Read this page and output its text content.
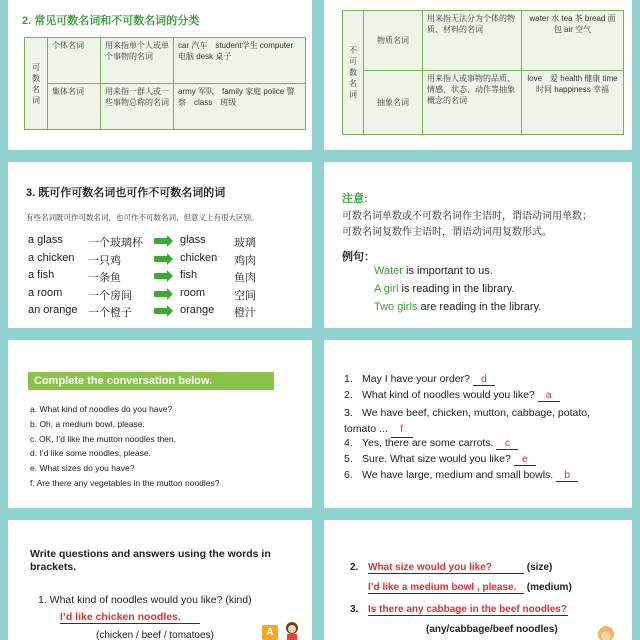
2. 常见可数名词和不可数名词的分类
可数名词	个体名词	用来指单个人或单个事物的名词	car 汽车　student学生 computer 电脑 desk 桌子
	集体名词	用来指一群人或一些事物总称的名词	army 军队　family 家庭 police 警察　class　班级
不可数名词	物质名词	用来指无法分为个体的物质、材料的名词	water 水 tea 茶 bread 面包 air 空气
	抽象名词	用来指人或事物的品质、情感、状态、动作等抽象概念的名词	love　爱 health 健康 time　时间 happiness 幸福
3. 既可作可数名词也可作不可数名词的词
有些名词既可作可数名词，也可作不可数名词，但意义上有很大区别。
a glass 一个玻璃杯	glass	玻璃
a chicken 一只鸡	chicken 鸡肉
a fish	一条鱼	fish	鱼肉
a room 一个房间	room	空间
an orange 一个橙子	orange 橙汁
注意:
可数名词单数或不可数名词作主语时，谓语动词用单数；
可数名词复数作主语时，谓语动词用复数形式。
例句：
Water is important to us.
A girl is reading in the library.
Two girls are reading in the library.
Complete the conversation below.
a. What kind of noodles do you have?
b. Oh, a medium bowl, please.
c. OK, I’d like the mutton noodles then.
d. I’d like some noodles, please.
e. What sizes do you have?
f. Are there any vegetables in the mutton noodles?
1. May I have your order? d
2. What kind of noodles would you like? a
3. We have beef, chicken, mutton, cabbage, potato, tomato ... f
4. Yes, there are some carrots. c
5. Sure. What size would you like? e
6. We have large, medium and small bowls. b
Write questions and answers using the words in brackets.
1. What kind of noodles would you like? (kind)
I’d like chicken noodles.
(chicken / beef / tomatoes)	A
2. What size would you like?	(size)
I’d like a medium bowl , please. (medium)
3. Is there any cabbage in the beef noodles?
(any/cabbage/beef noodles)
